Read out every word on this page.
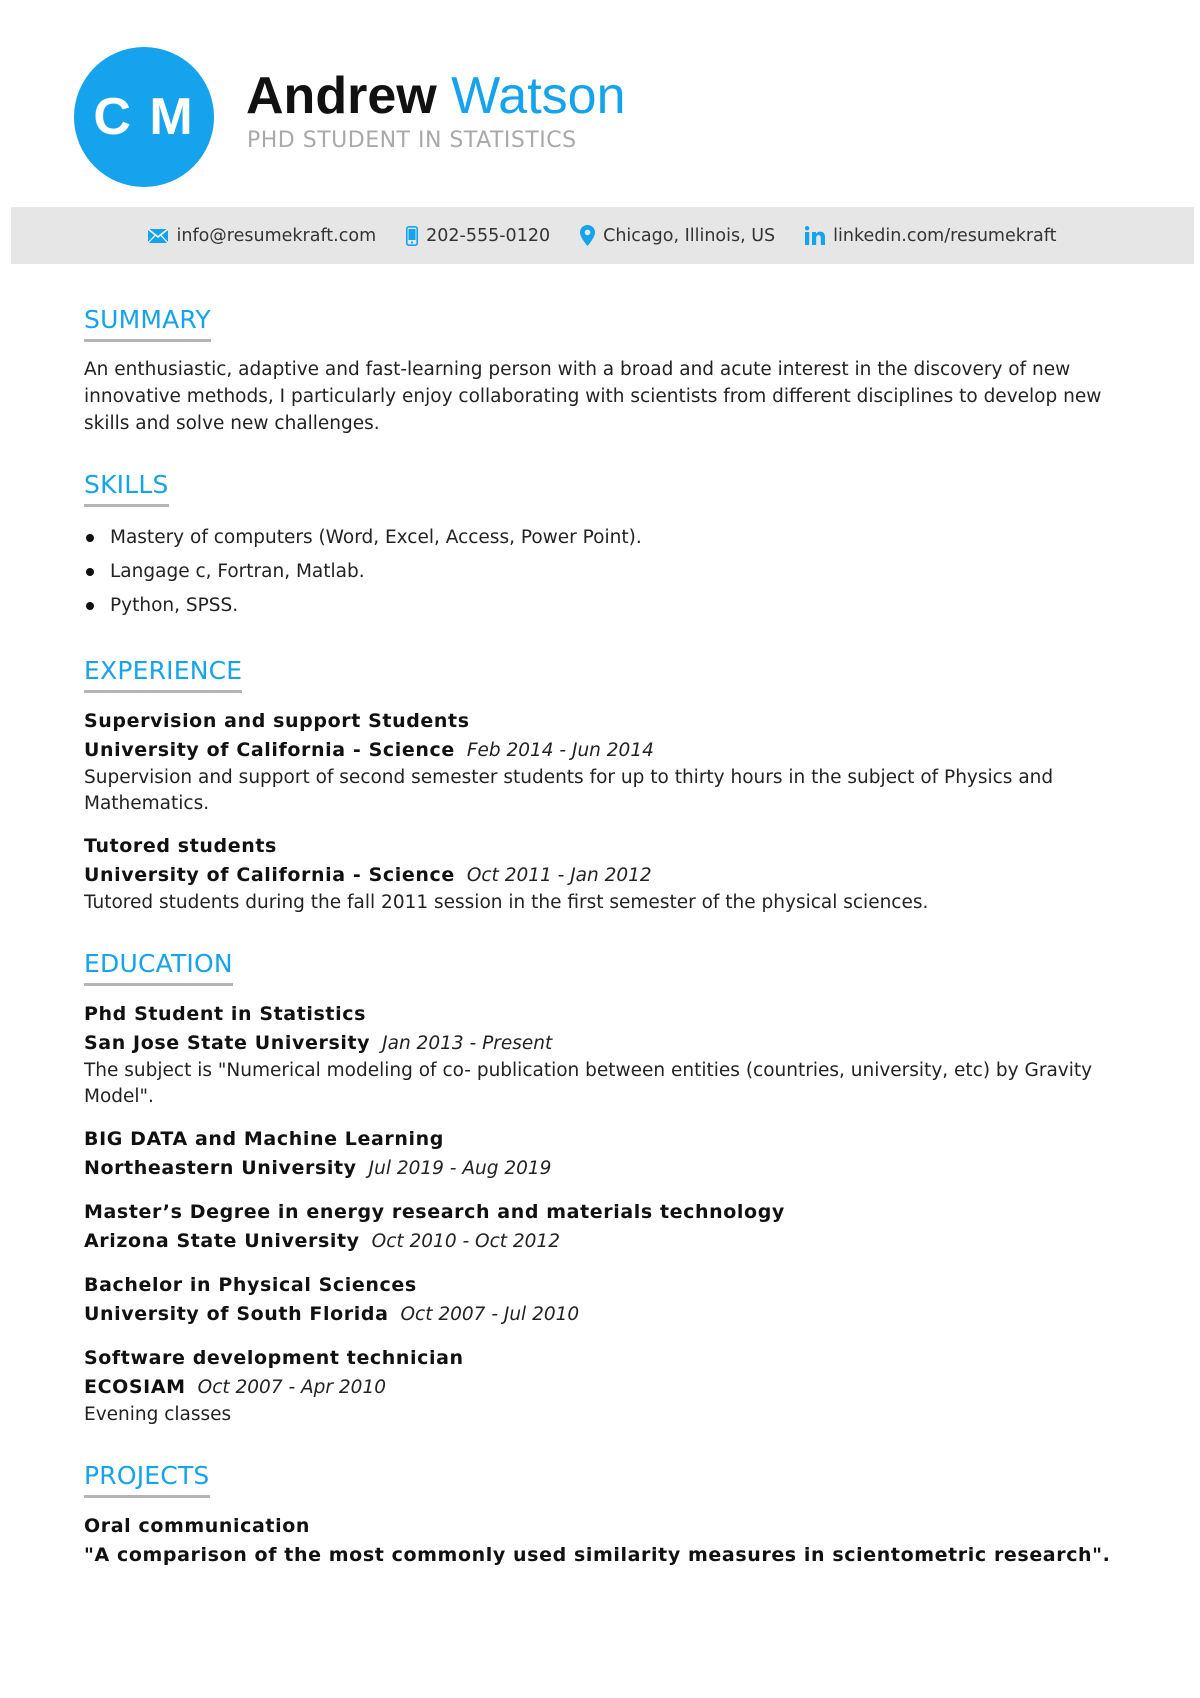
C M Andrew Watson
PHD STUDENT IN STATISTICS
info@resumekraft.com	202-555-0120	Chicago, Illinois, US	linkedin.com/resumekraft
SUMMARY

An enthusiastic, adaptive and fast-learning person with a broad and acute interest in the discovery of new innovative methods, I particularly enjoy collaborating with scientists from different disciplines to develop new skills and solve new challenges.

SKILLS
Mastery of computers (Word, Excel, Access, Power Point).
Langage c, Fortran, Matlab.
Python, SPSS.
EXPERIENCE
Supervision and support Students
University of California - Science Feb 2014 - Jun 2014
Supervision and support of second semester students for up to thirty hours in the subject of Physics and Mathematics.
Tutored students
University of California - Science Oct 2011 - Jan 2012
Tutored students during the fall 2011 session in the first semester of the physical sciences.
EDUCATION
Phd Student in Statistics
San Jose State University Jan 2013 - Present
The subject is "Numerical modeling of co- publication between entities (countries, university, etc) by Gravity Model".
BIG DATA and Machine Learning
Northeastern University Jul 2019 - Aug 2019
Master’s Degree in energy research and materials technology
Arizona State University Oct 2010 - Oct 2012
Bachelor in Physical Sciences
University of South Florida Oct 2007 - Jul 2010
Software development technician
ECOSIAM Oct 2007 - Apr 2010
Evening classes
PROJECTS
Oral communication
"A comparison of the most commonly used similarity measures in scientometric research".
